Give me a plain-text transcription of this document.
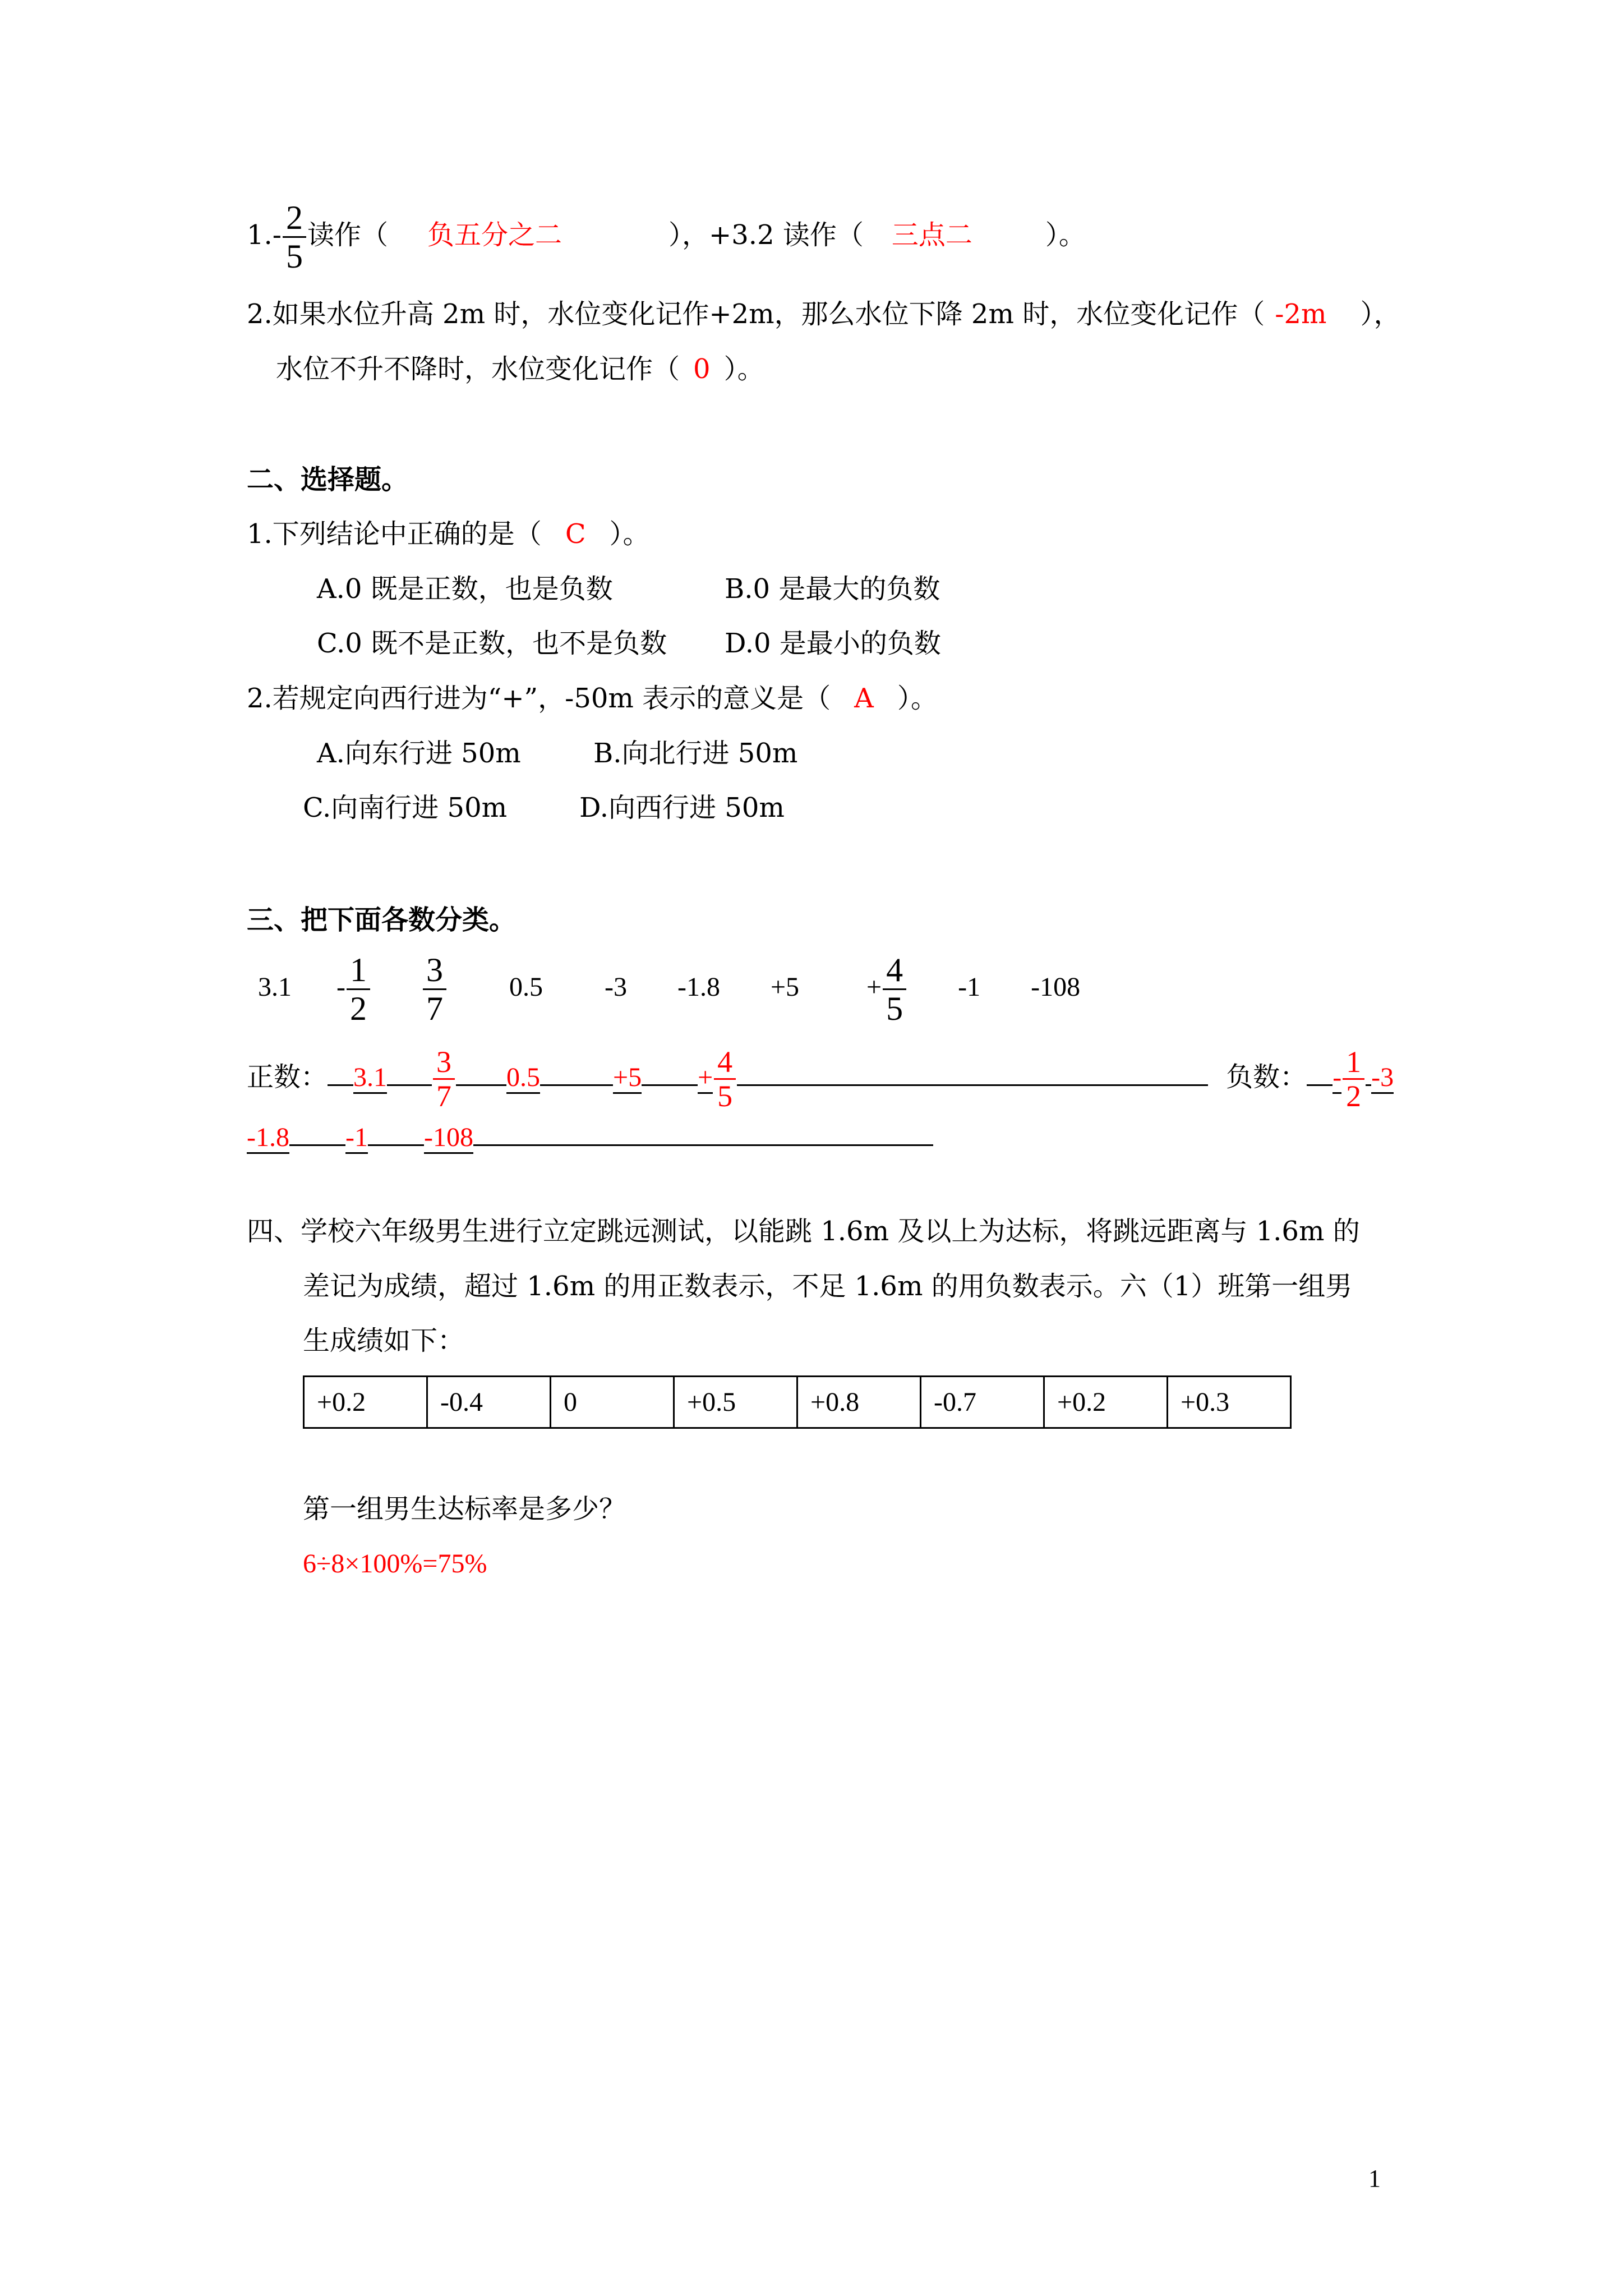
$1.- \frac{2}{5}$ 读作（ 负五分之二	），+3.2 读作（ 三点二	）。
2.如果水位升高 2m 时，水位变化记作+2m，那么水位下降 2m 时，水位变化记作（ -2m ），
水位不升不降时，水位变化记作（ 0 ）。
二、选择题。
1.下列结论中正确的是（ C ）。
A.0 既是正数，也是负数	B.0 是最大的负数
C.0 既不是正数，也不是负数 D.0 是最小的负数
2.若规定向西行进为“+”，-50m 表示的意义是（ A ）。
A.向东行进 50m	B.向北行进 50m
C.向南行进 50m	D.向西行进 50m
三、把下面各数分类。
$3.1 - \frac{1}{2} \frac{3}{7} 0.5$ -3 -1.8 +5	+ $\frac{4}{5} -1$ -108
正数： $3.1 \frac{3}{7} 0.5$	$+5 + \frac{4}{5}$	负数： - $\frac{1}{2} -3$
-1.8 -1 -108
四、学校六年级男生进行立定跳远测试，以能跳 1.6m 及以上为达标，将跳远距离与 1.6m 的
差记为成绩，超过 1.6m 的用正数表示，不足 1.6m 的用负数表示。六（1）班第一组男
生成绩如下：
+0.2	-0.4	0	+0.5	+0.8	-0.7	+0.2	+0.3
第一组男生达标率是多少？
6÷8×100%=75%
1
